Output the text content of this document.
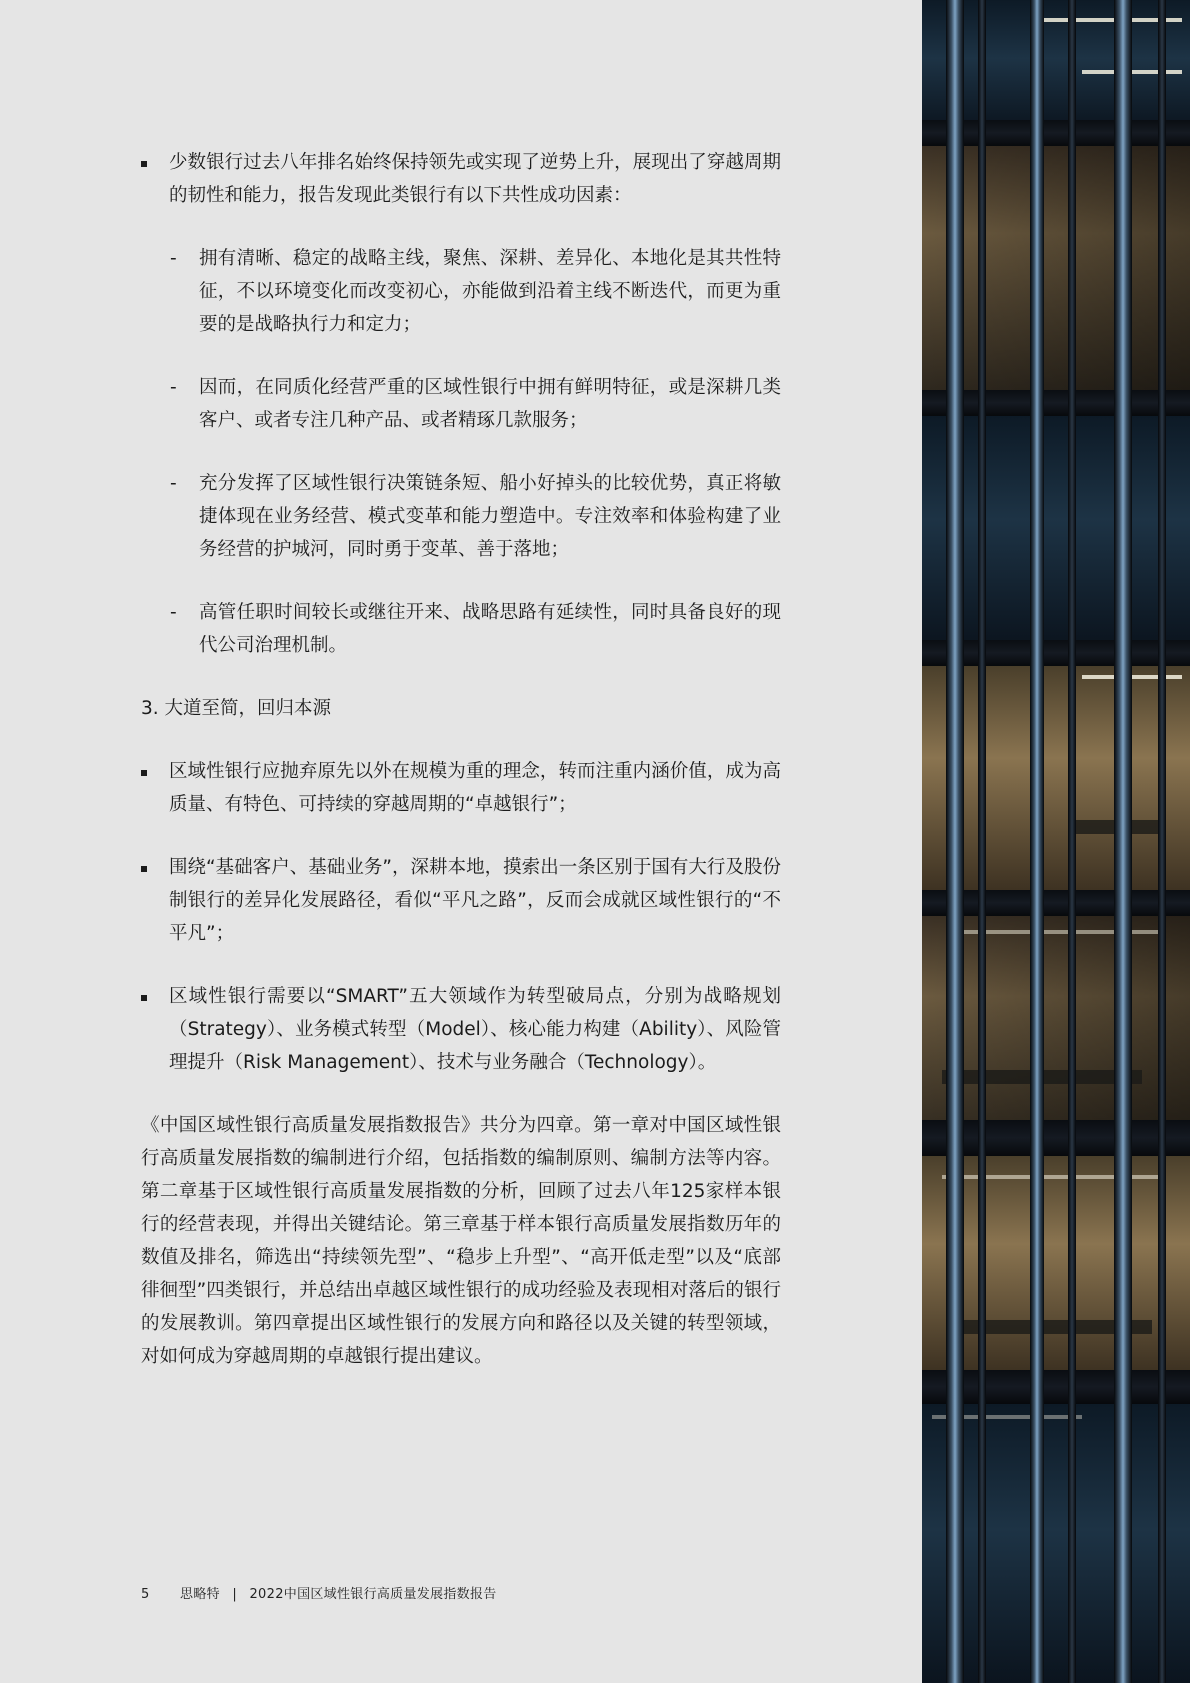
少数银行过去八年排名始终保持领先或实现了逆势上升，展现出了穿越周期的韧性和能力，报告发现此类银行有以下共性成功因素：
- 拥有清晰、稳定的战略主线，聚焦、深耕、差异化、本地化是其共性特征，不以环境变化而改变初心，亦能做到沿着主线不断迭代，而更为重要的是战略执行力和定力；
- 因而，在同质化经营严重的区域性银行中拥有鲜明特征，或是深耕几类客户、或者专注几种产品、或者精琢几款服务；
- 充分发挥了区域性银行决策链条短、船小好掉头的比较优势，真正将敏捷体现在业务经营、模式变革和能力塑造中。专注效率和体验构建了业务经营的护城河，同时勇于变革、善于落地；
- 高管任职时间较长或继往开来、战略思路有延续性，同时具备良好的现代公司治理机制。
3. 大道至简，回归本源
区域性银行应抛弃原先以外在规模为重的理念，转而注重内涵价值，成为高质量、有特色、可持续的穿越周期的“卓越银行”；
围绕“基础客户、基础业务”，深耕本地，摸索出一条区别于国有大行及股份制银行的差异化发展路径，看似“平凡之路”，反而会成就区域性银行的“不平凡”；
区域性银行需要以“SMART”五大领域作为转型破局点，分别为战略规划（Strategy）、业务模式转型（Model）、核心能力构建（Ability）、风险管理提升（Risk Management）、技术与业务融合（Technology）。
《中国区域性银行高质量发展指数报告》共分为四章。第一章对中国区域性银行高质量发展指数的编制进行介绍，包括指数的编制原则、编制方法等内容。第二章基于区域性银行高质量发展指数的分析，回顾了过去八年125家样本银行的经营表现，并得出关键结论。第三章基于样本银行高质量发展指数历年的数值及排名，筛选出“持续领先型”、“稳步上升型”、“高开低走型”以及“底部徘徊型”四类银行，并总结出卓越区域性银行的成功经验及表现相对落后的银行的发展教训。第四章提出区域性银行的发展方向和路径以及关键的转型领域，对如何成为穿越周期的卓越银行提出建议。
5 思略特 | 2022中国区域性银行高质量发展指数报告
